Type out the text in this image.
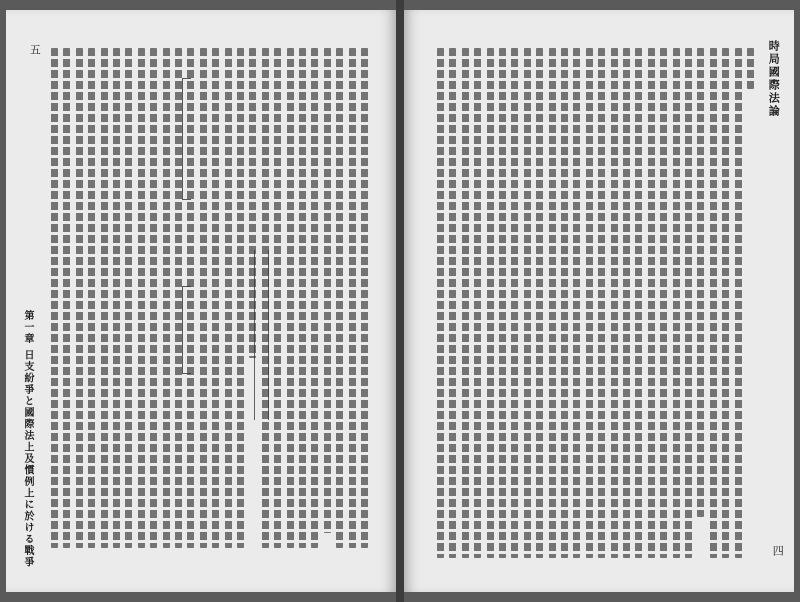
第一章 日支紛爭と國際法上及慣例上に於ける戰爭
五	時局國際法論
四
